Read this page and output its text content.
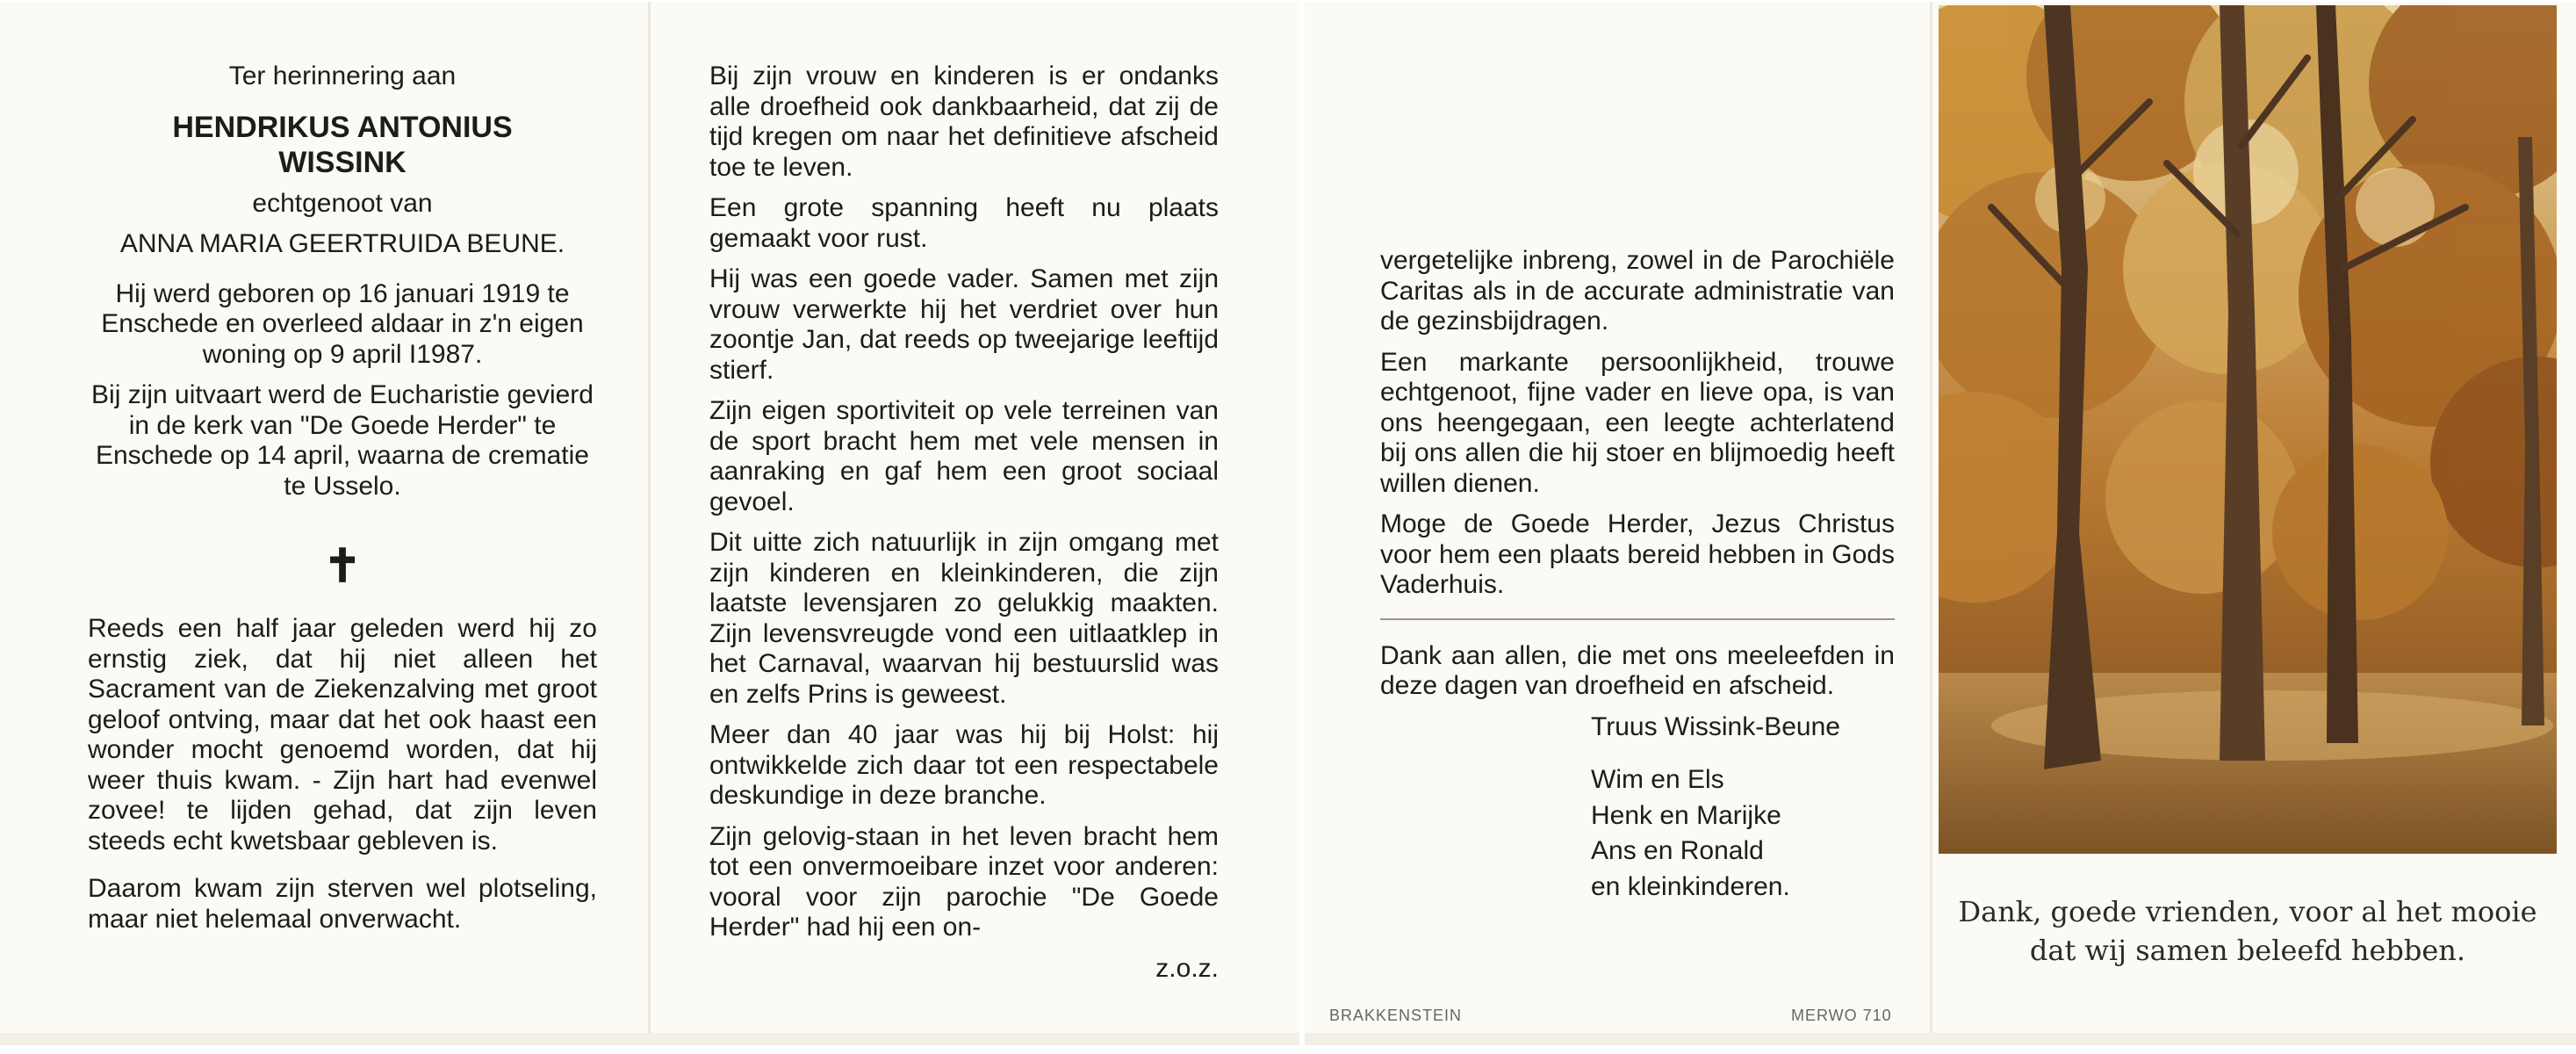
Ter herinnering aan

HENDRIKUS ANTONIUS
WISSINK

echtgenoot van

ANNA MARIA GEERTRUIDA BEUNE.

Hij werd geboren op 16 januari 1919 te Enschede en overleed aldaar in z'n eigen woning op 9 april I1987.

Bij zijn uitvaart werd de Eucharistie gevierd in de kerk van "De Goede Herder" te Enschede op 14 april, waarna de crematie te Usselo.

✝

Reeds een half jaar geleden werd hij zo ernstig ziek, dat hij niet alleen het Sacrament van de Ziekenzalving met groot geloof ontving, maar dat het ook haast een wonder mocht genoemd worden, dat hij weer thuis kwam. - Zijn hart had evenwel zovee! te lijden gehad, dat zijn leven steeds echt kwetsbaar gebleven is.

Daarom kwam zijn sterven wel plotseling, maar niet helemaal onverwacht.

Bij zijn vrouw en kinderen is er ondanks alle droefheid ook dankbaarheid, dat zij de tijd kregen om naar het definitieve afscheid toe te leven.

Een grote spanning heeft nu plaats gemaakt voor rust.

Hij was een goede vader. Samen met zijn vrouw verwerkte hij het verdriet over hun zoontje Jan, dat reeds op tweejarige leeftijd stierf.

Zijn eigen sportiviteit op vele terreinen van de sport bracht hem met vele mensen in aanraking en gaf hem een groot sociaal gevoel.

Dit uitte zich natuurlijk in zijn omgang met zijn kinderen en kleinkinderen, die zijn laatste levensjaren zo gelukkig maakten. Zijn levensvreugde vond een uitlaatklep in het Carnaval, waarvan hij bestuurslid was en zelfs Prins is geweest.

Meer dan 40 jaar was hij bij Holst: hij ontwikkelde zich daar tot een respectabele deskundige in deze branche.

Zijn gelovig-staan in het leven bracht hem tot een onvermoeibare inzet voor anderen: vooral voor zijn parochie "De Goede Herder" had hij een on-

z.o.z.

vergetelijke inbreng, zowel in de Parochiële Caritas als in de accurate administratie van de gezinsbijdragen.

Een markante persoonlijkheid, trouwe echtgenoot, fijne vader en lieve opa, is van ons heengegaan, een leegte achterlatend bij ons allen die hij stoer en blijmoedig heeft willen dienen.

Moge de Goede Herder, Jezus Christus voor hem een plaats bereid hebben in Gods Vaderhuis.

Dank aan allen, die met ons meeleefden in deze dagen van droefheid en afscheid.

Truus Wissink-Beune
Wim en Els
Henk en Marijke
Ans en Ronald
en kleinkinderen.
BRAKKENSTEIN	MERWO 710
Dank, goede vrienden, voor al het mooie
dat wij samen beleefd hebben.
